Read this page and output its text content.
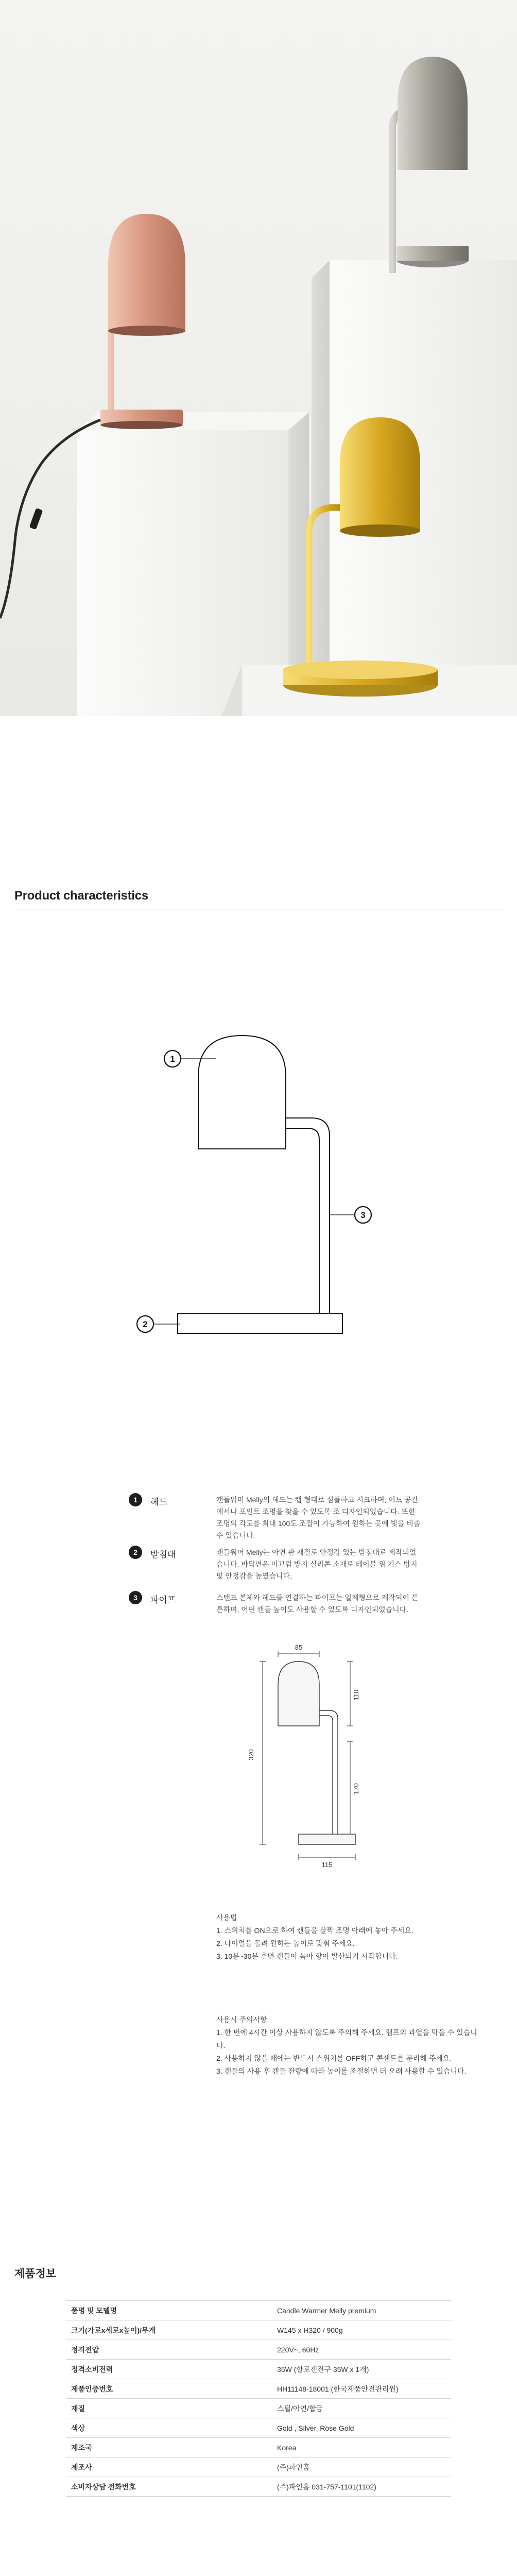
Product characteristics
1
2
3
1	헤드	캔들워머 Melly의 헤드는 캡 형태로 심플하고 시크하며, 어느 공간에서나 포인트 조명을 찾을 수 있도록 조 디자인되었습니다. 또한 조명의 각도를 최대 100도 조절이 가능하여 원하는 곳에 빛을 비출 수 있습니다.
2	받침대	캔들워머 Melly는 아연 판 재질로 안정감 있는 받침대로 제작되었습니다. 바닥면은 미끄럼 방지 실리콘 소재로 테이블 위 기스 방지 및 안정감을 높였습니다.
3	파이프	스탠드 본체와 헤드를 연결하는 파이프는 일체형으로 제작되어 튼튼하며, 어떤 캔들 높이도 사용할 수 있도록 디자인되었습니다.
85
320
110
170
115

사용법

1. 스위치를 ON으로 하여 캔들을 살짝 조명 아래에 놓아 주세요.

2. 다이얼을 돌려 원하는 높이로 맞춰 주세요.

3. 10분~30분 후면 캔들이 녹아 향이 발산되기 시작합니다.

사용시 주의사항

1. 한 번에 4시간 이상 사용하지 않도록 주의해 주세요. 램프의 과열을 막을 수 있습니다.

2. 사용하지 않을 때에는 반드시 스위치를 OFF하고 콘센트를 분리해 주세요.

3. 캔들의 사용 후 캔들 잔량에 따라 높이를 조절하면 더 오래 사용할 수 있습니다.

제품정보
품명 및 모델명	Candle Warmer Melly premium
크기(가로x세로x높이)/무게	W145 x H320 / 900g
정격전압	220V~, 60Hz
정격소비전력	35W (할로겐전구 35W x 1개)
제품인증번호	HH11148-18001 (한국제품안전관리원)
재질	스틸/아연/합금
색상	Gold , Silver, Rose Gold
제조국	Korea
제조사	(주)파인홈
소비자상담 전화번호	(주)파인홈 031-757-1101(1102)
